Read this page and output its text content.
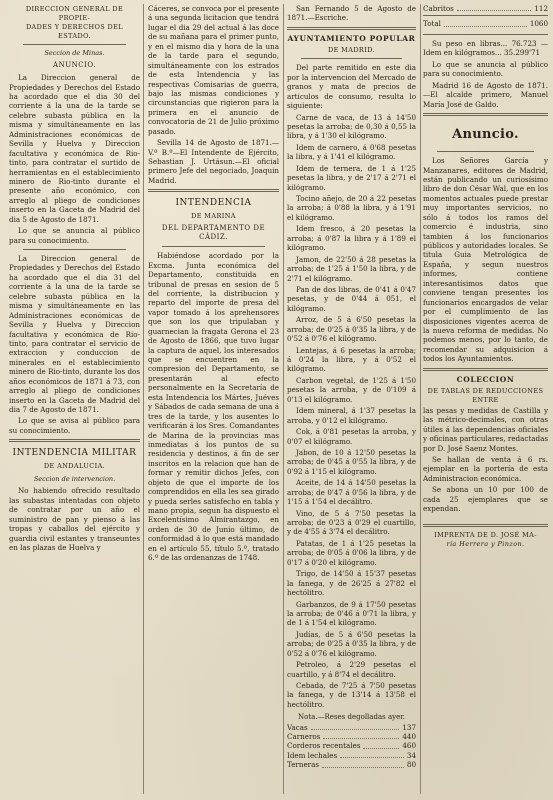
DIRECCION GENERAL DE PROPIE-
DADES Y DERECHOS DEL ESTADO.
Seccion de Minas.
ANUNCIO.

La Direccion general de Propiedades y Derechos del Estado ha acordado que el dia 30 del corriente á la una de la tarde se celebre subasta pública en la misma y simultáneamente en las Administraciones económicas de Sevilla y Huelva y Direccion facultativa y económica de Rio-tinto, para contratar el surtido de herramientas en el establecimiento minero de Rio-tinto durante el presente año económico, con arreglo al pliego de condiciones inserto en la Gaceta de Madrid del dia 5 de Agosto de 1871.

Lo que se anuncia al público para su conocimiento.

La Direccion general de Propiedades y Derechos del Estado ha acordado que el dia 31 del corriente á la una de la tarde se celebre subasta pública en la misma y simultáneamente en las Administraciones económicas de Sevilla y Huelva y Direccion facultativa y económica de Rio-tinto, para contratar el servicio de extraccion y conduccion de minerales en el establecimiento minero de Rio-tinto, durante los dos años económicos de 1871 á 73, con arreglo al pliego de condiciones inserto en la Gaceta de Madrid del dia 7 de Agosto de 1871.

Lo que se avisa al público para su conocimiento.

INTENDENCIA MILITAR
DE ANDALUCIA.
Seccion de intervencion.

No habiendo ofrecido resultado las subastas intentadas con objeto de contratar por un año el suministro de pan y pienso á las tropas y caballos del ejército y guardia civil estantes y transeuntes en las plazas de Huelva y

Cáceres, se convoca por el presente á una segunda licitacion que tendrá lugar el dia 29 del actual á las doce de su mañana para el primer punto, y en el mismo dia y hora de la una de la tarde para el segundo, simultáneamente con los estrados de esta Intendencia y las respectivas Comisarias de guerra, bajo las mismas condiciones y circunstancias que rigieron para la primera en el anuncio de convocatoria de 21 de Julio próximo pasado.

Sevilla 14 de Agosto de 1871.—V.º B.º—El Intendente de Ejército, Sebastian J. Urtásun.—El oficial primero Jefe del negociado, Joaquin Madrid.

INTENDENCIA
DE MARINA
DEL DEPARTAMENTO DE CÁDIZ.

Habiéndose acordado por la Excma. Junta económica del Departamento, constituida en tribunal de presas en sesion de 5 del corriente, la distribucion y reparto del importe de presa del vapor tomado á los aprehensores que son los que tripulaban y guarnecian la fragata Gerona el 23 de Agosto de 1866, que tuvo lugar la captura de aquel, los interesados que se encuentren en la compresion del Departamento, se presentarán al efecto personalmente en la Secretaría de esta Intendencia los Mártes, Juéves y Sábados de cada semana de una á tres de la tarde, y los ausentes lo verificarán á los Sres. Comandantes de Marina de la provincias mas inmediatas á los puntos de su residencia y destinos, á fin de ser inscritos en la relacion que han de formar y remitir dichos Jefes, con objeto de que el importe de los comprendidos en ella les sea girado y pueda serles satisfecho en tabla y mano propia, segun ha dispuesto el Excelentísimo Almirantazgo, en orden de 30 de Junio último, de conformidad á lo que está mandado en el artículo 55, título 5.º, tratado 6.º de las ordenanzas de 1748.

San Fernando 5 de Agosto de 1871.—Escriche.

AYUNTAMIENTO POPULAR
DE MADRID.

Del parte remitido en este dia por la intervencion del Mercado de granos y mata de precios de articulos de consumo, resulta lo siguiente:

Carne de vaca, de 13 á 14'50 pesetas la arroba; de 0,30 á 0,55 la libra, y á 1'30 el kilógramo.

Idem de carnero, á 0'68 pesetas la libra, y á 1'41 el kilógramo.

Idem de ternera, de 1 á 1'25 pesetas la libra, y de 2'17 á 2'71 el kilógramo.

Tocino añejo, de 20 á 22 pesetas la arroba; á 0'88 la libra, y á 1'91 el kilógramo.

Idem fresco, á 20 pesetas la arroba; á 0'87 la libra y á 1'89 el kilógramo.

Jamon, de 22'50 á 28 pesetas la arroba; de 1'25 á 1'50 la libra, y de 2'71 el kilógramo.

Pan de dos libras, de 0'41 á 0'47 pesetas, y de 0'44 á 051, el kilógramo.

Arroz, de 5 á 6'50 pesetas la arroba; de 0'25 á 0'35 la libra, y de 0'52 á 0'76 el kilógramo.

Lentejas, á 6 pesetas la arroba; á 0'24 la libra, y á 0'52 el kilógramo.

Carbon vegetal, de 1'25 á 1'50 pesetas la arroba, y de 0'109 á 0'13 el kilógramo.

Idem mineral, á 1'37 pesetas la arroba, y 0'12 el kilógramo.

Cok, á 0'81 pesetas la arroba, y 0'07 el kilógramo.

Jabon, de 10 á 12'50 pesetas la arroba; de 0'45 á 0'55 la libra, y de 0'92 á 1'15 el kilógramo.

Aceite, de 14 á 14'50 pesetas la arroba; de 0'47 á 0'56 la libra, y de 1'15 á 1'54 el decálitro.

Vino, de 5 á 7'50 pesetas la arroba; de 0'23 á 0'29 el cuartillo, y de 4'55 á 3'74 el decálitro.

Patatas, de 1 á 1'25 pesetas la arroba; de 0'05 á 0'06 la libra, y de 0'17 á 0'20 el kilógramo.

Trigo, de 14'50 á 15'37 pesetas la fanega, y de 26'25 á 27'82 el hectólitro.

Garbanzos, de 9 á 17'50 pesetas la arroba; de 0'46 á 0'71 la libra, y de 1 á 1'54 el kilógramo.

Judías, de 5 á 6'50 pesetas la arroba; de 0'25 á 0'35 la libra, y de 0'52 á 0'76 el kilógramo.

Petroleo, á 2'29 pesetas el cuartillo, y á 8'74 el decálitro.

Cebada, de 7'25 á 7'50 pesetas la fanega, y de 13'14 á 13'58 el hectólitro.

Nota.—Reses degolladas ayer.
Vacas	137
Carneros	440
Corderos recentales	460
Idem lechales	34
Terneras	80
Cabritos	112
Total	1060

Su peso en libras... 76.723 — Idem en kilógramos... 35.299'71

Lo que se anuncia al público para su conocimiento.

Madrid 16 de Agosto de 1871.—El alcalde primero, Manuel María José de Galdo.

Anuncio.

Los Señores García y Manzanares, editores de Madrid, están publicando un curiosísimo libro de don César Wal, que en los momentos actuales puede prestar muy importantes servicios, no sólo á todos los ramos del comercio é industria, sino tambien á los funcionarios públicos y autoridades locales. Se titula Guia Metrológica de España, y segun nuestros informes, contiene interesantísimos datos que conviene tengan presentes los funcionarios encargados de velar por el cumplimiento de las disposiciones vigentes acerca de la nueva reforma de medidas. No podemos menos, por lo tanto, de recomendar su adquisicion á todos los Ayuntamientos.

COLECCION
DE TABLAS DE REDUCCIONES
ENTRE

las pesas y medidas de Castilla y las métrico-decimales, con otras útiles á las dependencias oficiales y oficinas particulares, redactadas por D. José Saenz Montes.

Se hallan de venta á 6 rs. ejemplar en la portería de esta Administracion económica.

Se abona un 10 por 100 de cada 25 ejemplares que se expendan.

IMPRENTA DE D. JOSÉ MA-
ría Herrera y Pinzon.
